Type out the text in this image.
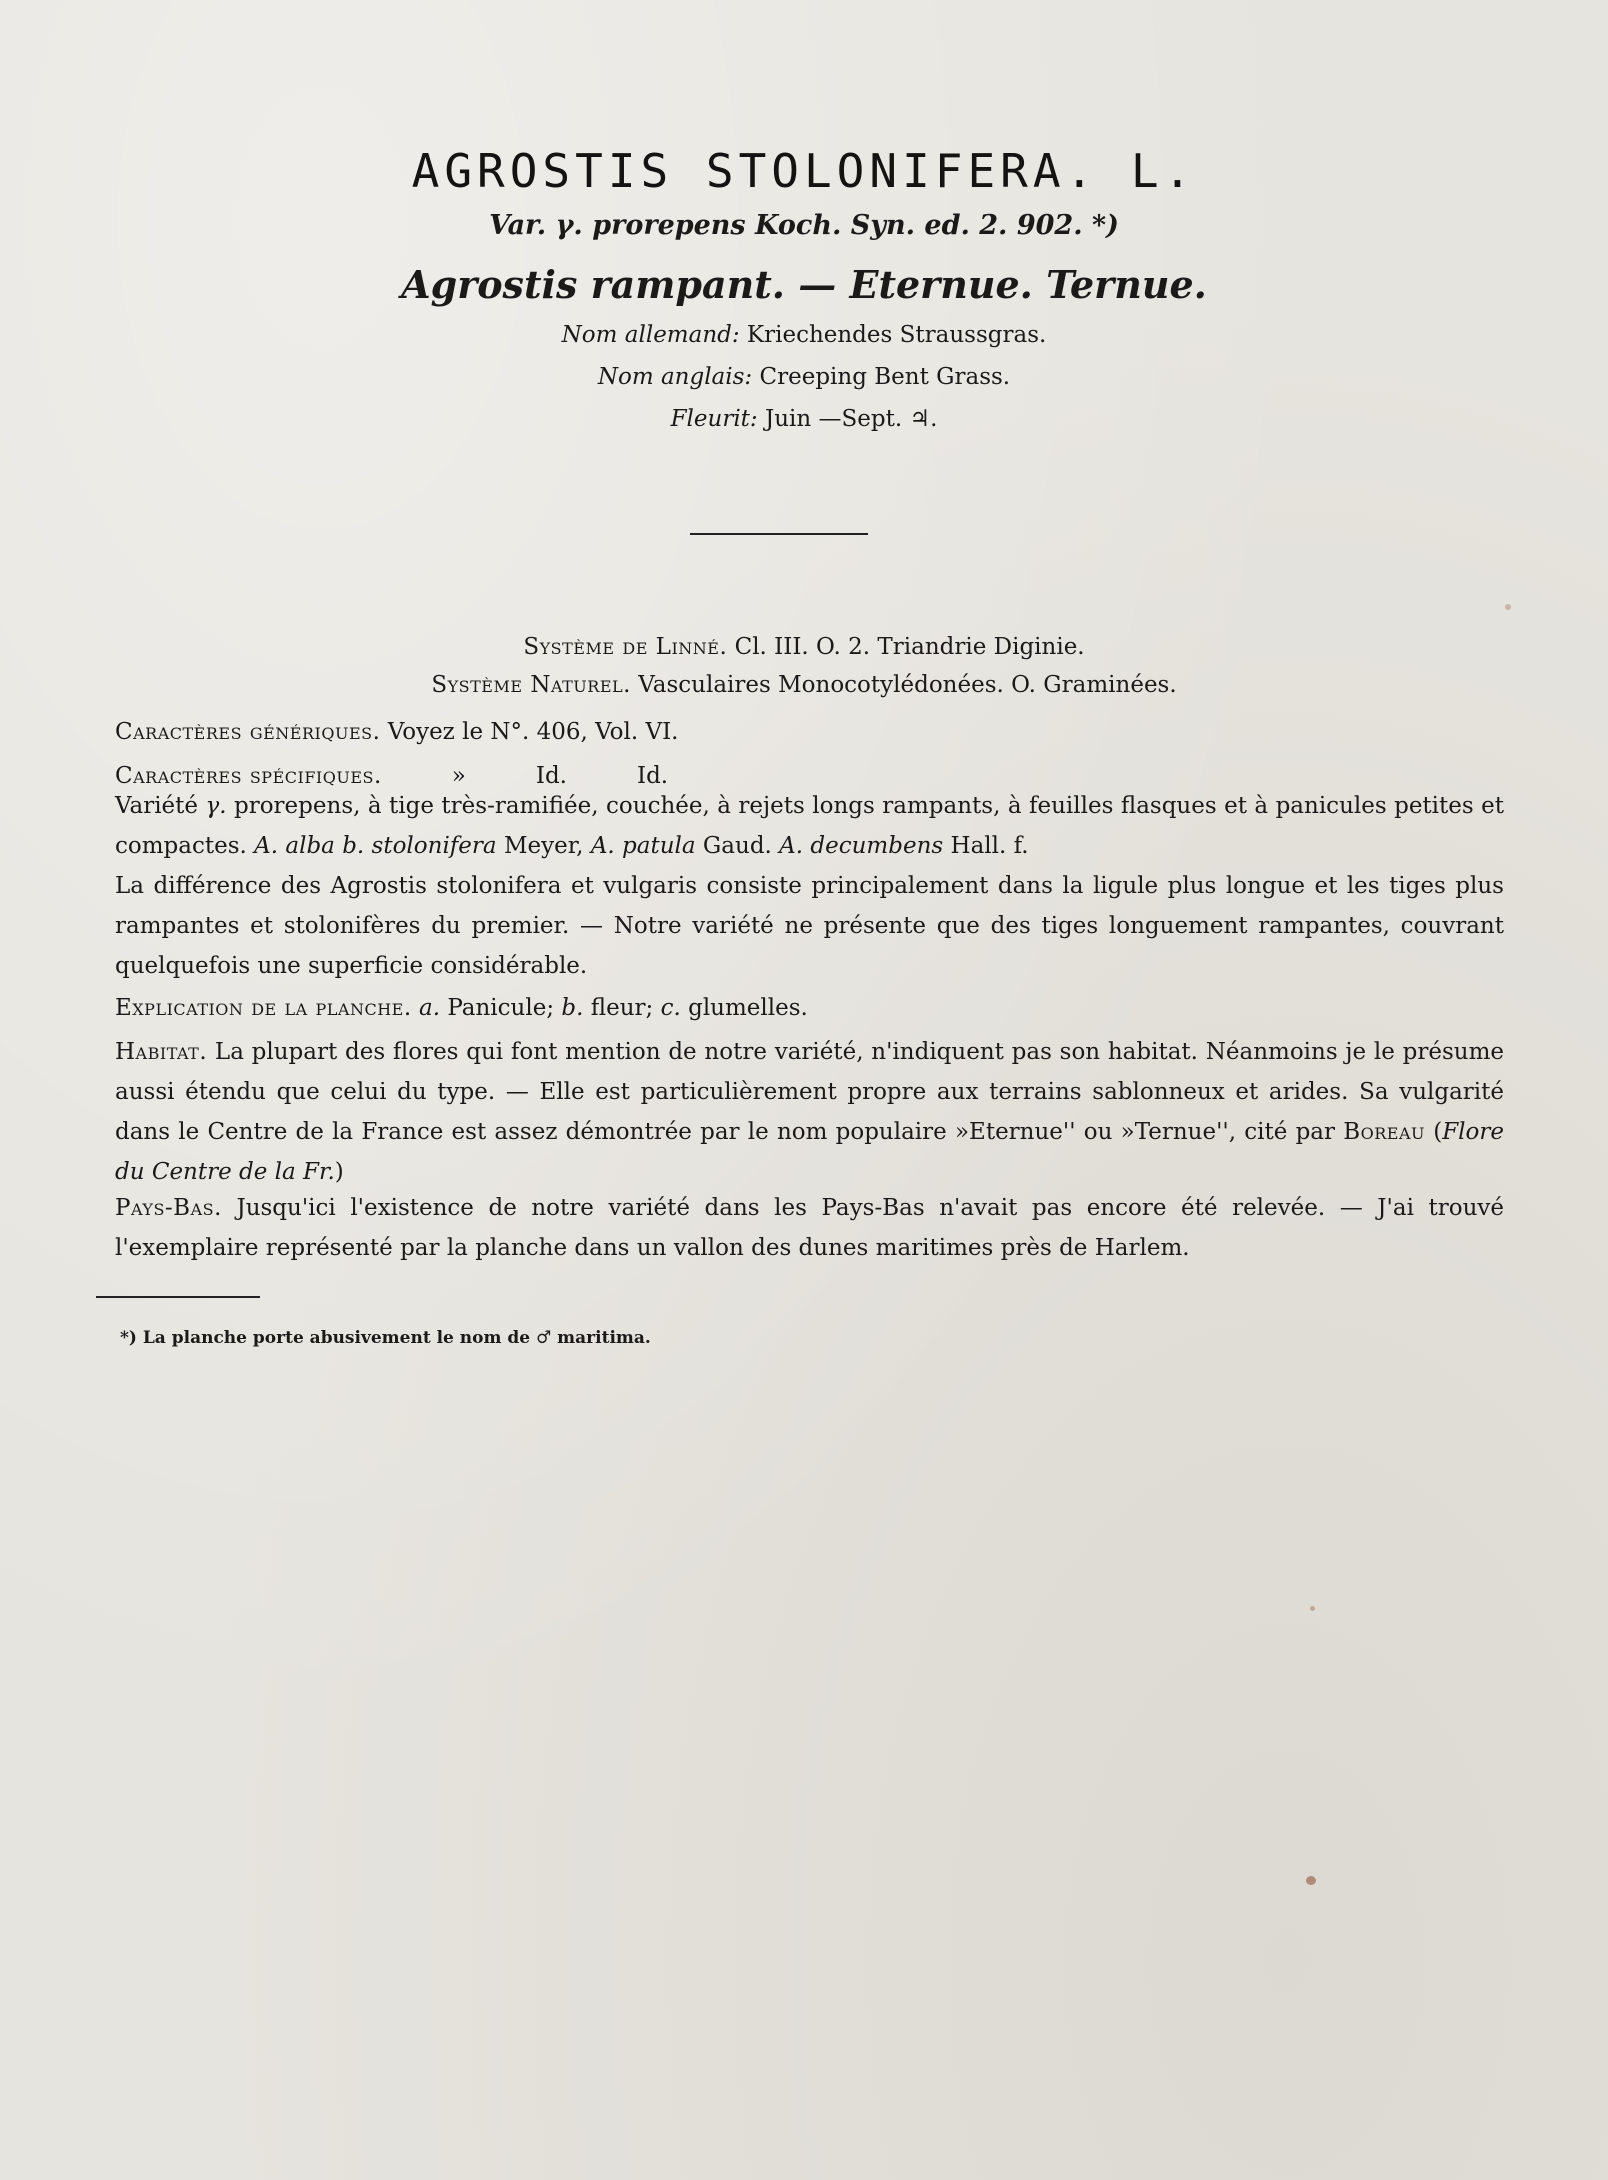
AGROSTIS STOLONIFERA. L.
Var. γ. prorepens Koch. Syn. ed. 2. 902. *)
Agrostis rampant. — Eternue. Ternue.
Nom allemand: Kriechendes Straussgras.
Nom anglais: Creeping Bent Grass.
Fleurit: Juin —Sept. ♃.
Système de Linné. Cl. III. O. 2. Triandrie Diginie.
Système Naturel. Vasculaires Monocotylédonées. O. Graminées.

Caractères génériques. Voyez le N°. 406, Vol. VI.

Caractères spécifiques.	»	Id.	Id.

Variété γ. prorepens, à tige très-ramifiée, couchée, à rejets longs rampants, à feuilles flasques et à panicules petites et compactes. A. alba b. stolonifera Meyer, A. patula Gaud. A. decumbens Hall. f.

La différence des Agrostis stolonifera et vulgaris consiste principalement dans la ligule plus longue et les tiges plus rampantes et stolonifères du premier. — Notre variété ne présente que des tiges longuement rampantes, couvrant quelquefois une superficie considérable.

Explication de la planche. a. Panicule; b. fleur; c. glumelles.

Habitat. La plupart des flores qui font mention de notre variété, n'indiquent pas son habitat. Néanmoins je le présume aussi étendu que celui du type. — Elle est particulièrement propre aux terrains sablonneux et arides. Sa vulgarité dans le Centre de la France est assez démontrée par le nom populaire »Eternue'' ou »Ternue'', cité par Boreau (Flore du Centre de la Fr.)

Pays-Bas. Jusqu'ici l'existence de notre variété dans les Pays-Bas n'avait pas encore été relevée. — J'ai trouvé l'exemplaire représenté par la planche dans un vallon des dunes maritimes près de Harlem.

*) La planche porte abusivement le nom de ♂ maritima.
